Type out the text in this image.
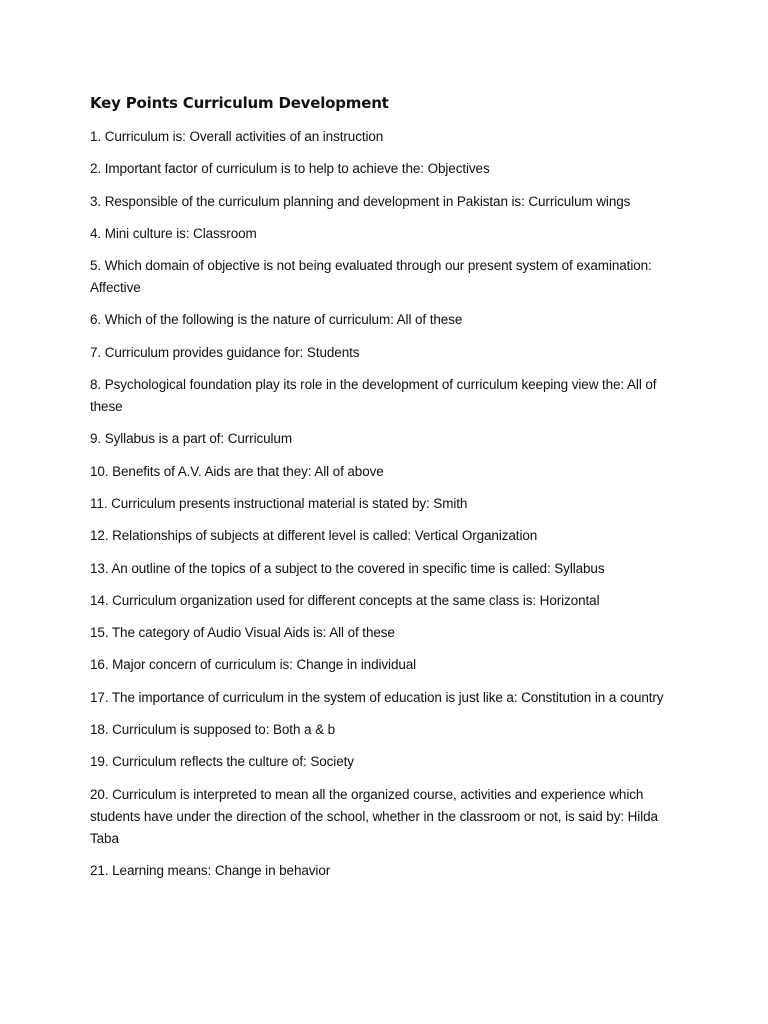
Key Points Curriculum Development
1. Curriculum is: Overall activities of an instruction
2. Important factor of curriculum is to help to achieve the: Objectives
3. Responsible of the curriculum planning and development in Pakistan is: Curriculum wings
4. Mini culture is: Classroom
5. Which domain of objective is not being evaluated through our present system of examination: Affective
6. Which of the following is the nature of curriculum: All of these
7. Curriculum provides guidance for: Students
8. Psychological foundation play its role in the development of curriculum keeping view the: All of these
9. Syllabus is a part of: Curriculum
10. Benefits of A.V. Aids are that they: All of above
11. Curriculum presents instructional material is stated by: Smith
12. Relationships of subjects at different level is called: Vertical Organization
13. An outline of the topics of a subject to the covered in specific time is called: Syllabus
14. Curriculum organization used for different concepts at the same class is: Horizontal
15. The category of Audio Visual Aids is: All of these
16. Major concern of curriculum is: Change in individual
17. The importance of curriculum in the system of education is just like a: Constitution in a country
18. Curriculum is supposed to: Both a & b
19. Curriculum reflects the culture of: Society
20. Curriculum is interpreted to mean all the organized course, activities and experience which students have under the direction of the school, whether in the classroom or not, is said by: Hilda Taba
21. Learning means: Change in behavior
